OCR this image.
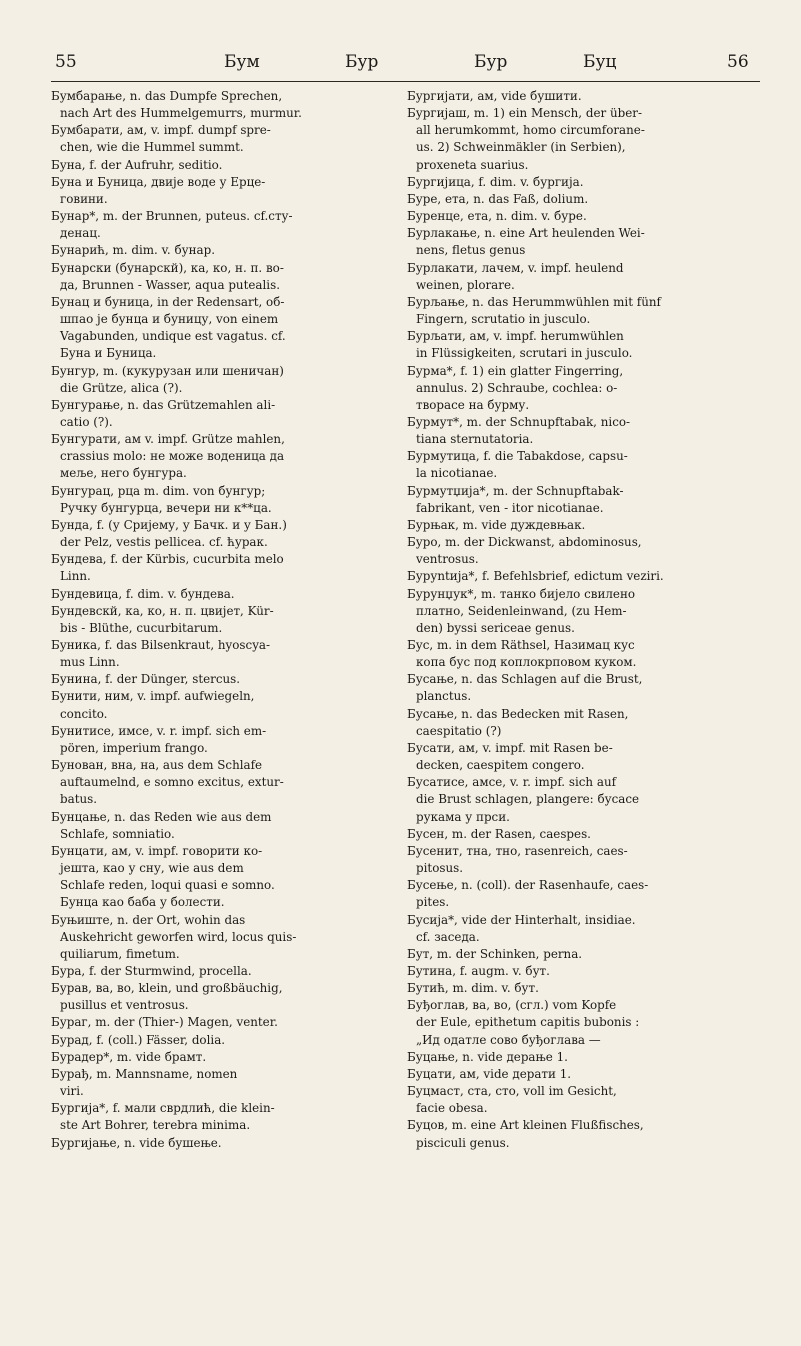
55	Бум	Бур	Бур	Буц	56

Бумбарање, n. das Dumpfe Sprechen,
nach Art des Hummelgemurrs, murmur.

Бумбарати, ам, v. impf. dumpf spre-
chen, wie die Hummel summt.

Буна, f. der Aufruhr, seditio.

Буна и Буница, двије воде у Ерце-
говини.

Бунар*, m. der Brunnen, puteus. cf.сту-
денац.

Бунарић, m. dim. v. бунар.

Бунарски (бунарскй), ка, ко, н. п. во-
да, Brunnen - Wasser, aqua putealis.

Бунац и буница, in der Redensart, об-
шпао је бунца и буницу, von einem
Vagabunden, undique est vagatus. cf.
Буна и Буница.

Бунгур, m. (кукурузан или шеничан)
die Grütze, alica (?).

Бунгурање, n. das Grützemahlen ali-
catio (?).

Бунгурати, ам v. impf. Grütze mahlen,
crassius molo: не може воденица да
меље, него бунгура.

Бунгурац, рца m. dim. von бунгур;
Ручку бунгурца, вечери ни к**ца.

Бунда, f. (у Сријему, у Бачк. и у Бан.)
der Pelz, vestis pellicea. cf. ћурак.

Бундева, f. der Kürbis, cucurbita melo
Linn.

Бундевица, f. dim. v. бундева.

Бундевскй, ка, ко, н. п. цвијет, Kür-
bis - Blüthe, cucurbitarum.

Буника, f. das Bilsenkraut, hyoscya-
mus Linn.

Бунина, f. der Dünger, stercus.

Бунити, ним, v. impf. aufwiegeln,
concito.

Бунитисе, имсе, v. r. impf. sich em-
pören, imperium frango.

Бунован, вна, на, aus dem Schlafe
auftaumelnd, e somno excitus, extur-
batus.

Бунцање, n. das Reden wie aus dem
Schlafe, somniatio.

Бунцати, ам, v. impf. говорити ко-
јешта, као у сну, wie aus dem
Schlafe reden, loqui quasi e somno.
Бунца као баба у болести.

Буњиште, n. der Ort, wohin das
Auskehricht geworfen wird, locus quis-
quiliarum, fimetum.

Бура, f. der Sturmwind, procella.

Бурав, ва, во, klein, und großbäuchig,
pusillus et ventrosus.

Бураг, m. der (Thier-) Magen, venter.

Бурад, f. (coll.) Fässer, dolia.

Бурадер*, m. vide брамт.

Бурађ, m. Mannsname, nomen
viri.

Бургија*, f. мали сврдлић, die klein-
ste Art Bohrer, terebra minima.

Бургијање, n. vide бушење.

Бургијати, ам, vide бушити.

Бургијаш, m. 1) ein Mensch, der über-
all herumkommt, homo circumforane-
us. 2) Schweinmäkler (in Serbien),
proxeneta suarius.

Бургијица, f. dim. v. бургија.

Буре, ета, n. das Faß, dolium.

Буренце, ета, n. dim. v. буре.

Бурлакање, n. eine Art heulenden Wei-
nens, fletus genus

Бурлакати, лачем, v. impf. heulend
weinen, plorare.

Бурљање, n. das Herummwühlen mit fünf
Fingern, scrutatio in jusculo.

Бурљати, ам, v. impf. herumwühlen
in Flüssigkeiten, scrutari in jusculo.

Бурма*, f. 1) ein glatter Fingerring,
annulus. 2) Schraube, cochlea: о-
творасе на бурму.

Бурмут*, m. der Schnupftabak, nico-
tiana sternutatoria.

Бурмутица, f. die Tabakdose, capsu-
la nicotianae.

Бурмутџија*, m. der Schnupftabak-
fabrikant, ven - itor nicotianae.

Бурњак, m. vide дуждевњак.

Буро, m. der Dickwanst, abdominosus,
ventrosus.

Буруntија*, f. Befehlsbrief, edictum veziri.

Бурунџук*, m. танко бијело свилено
платно, Seidenleinwand, (zu Hem-
den) byssi sericeae genus.

Бус, m. in dem Räthsel, Назимац кус
копа бус под коплокрповом куком.

Бусање, n. das Schlagen auf die Brust,
planctus.

Бусање, n. das Bedecken mit Rasen,
caespitatio (?)

Бусати, ам, v. impf. mit Rasen be-
decken, caespitem congero.

Бусатисе, амсе, v. r. impf. sich auf
die Brust schlagen, plangere: бусасе
рукама у прси.

Бусен, m. der Rasen, caespes.

Бусенит, тна, тно, rasenreich, caes-
pitosus.

Бусење, n. (coll). der Rasenhaufe, caes-
pites.

Бусија*, vide der Hinterhalt, insidiae.
cf. заседа.

Бут, m. der Schinken, perna.

Бутина, f. augm. v. бут.

Бутић, m. dim. v. бут.

Буђоглав, ва, во, (сгл.) vom Kopfe
der Eule, epithetum capitis bubonis :
„Ид одатле сово буђоглава —

Буцање, n. vide дерање 1.

Буцати, ам, vide дерати 1.

Буцмаст, ста, сто, voll im Gesicht,
facie obesa.

Буцов, m. eine Art kleinen Flußfisches,
pisciculi genus.
